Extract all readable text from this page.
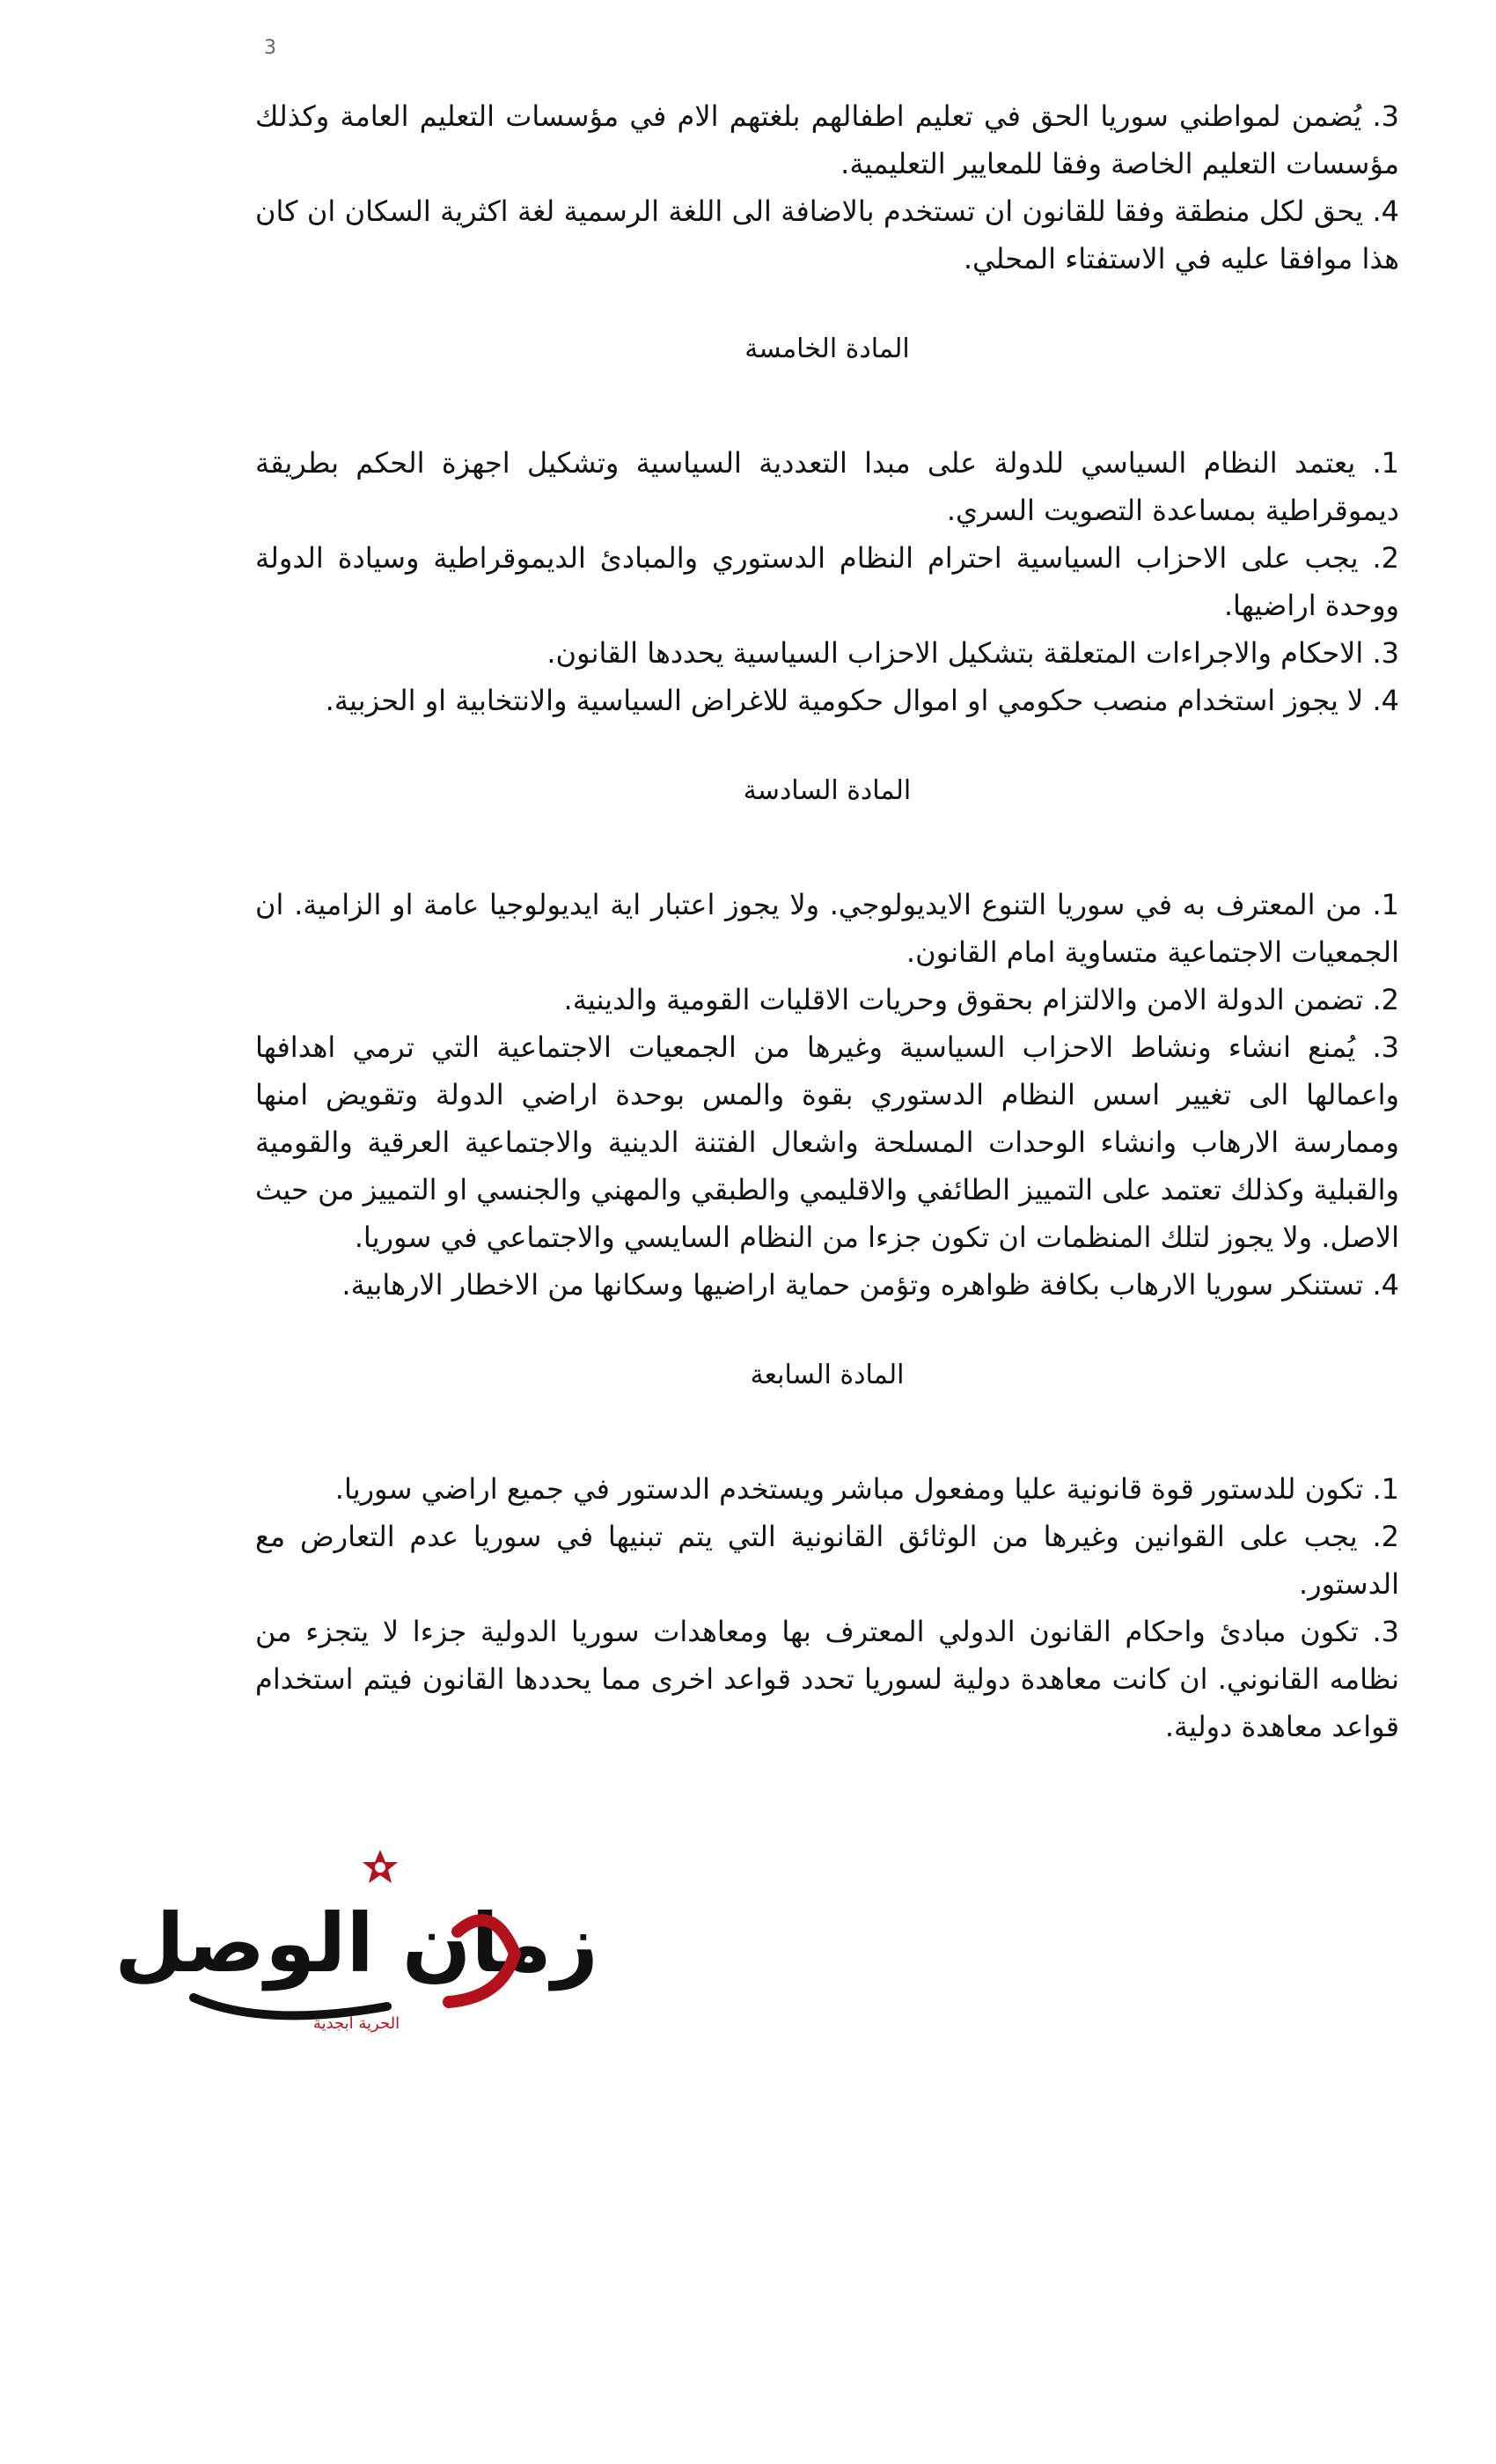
3

3. يُضمن لمواطني سوريا الحق في تعليم اطفالهم بلغتهم الام في مؤسسات التعليم العامة وكذلك مؤسسات التعليم الخاصة وفقا للمعايير التعليمية.

4. يحق لكل منطقة وفقا للقانون ان تستخدم بالاضافة الى اللغة الرسمية لغة اكثرية السكان ان كان هذا موافقا عليه في الاستفتاء المحلي.

المادة الخامسة

1. يعتمد النظام السياسي للدولة على مبدا التعددية السياسية وتشكيل اجهزة الحكم بطريقة ديموقراطية بمساعدة التصويت السري.

2. يجب على الاحزاب السياسية احترام النظام الدستوري والمبادئ الديموقراطية وسيادة الدولة ووحدة اراضيها.

3. الاحكام والاجراءات المتعلقة بتشكيل الاحزاب السياسية يحددها القانون.

4. لا يجوز استخدام منصب حكومي او اموال حكومية للاغراض السياسية والانتخابية او الحزبية.

المادة السادسة

1. من المعترف به في سوريا التنوع الايديولوجي. ولا يجوز اعتبار اية ايديولوجيا عامة او الزامية. ان الجمعيات الاجتماعية متساوية امام القانون.

2. تضمن الدولة الامن والالتزام بحقوق وحريات الاقليات القومية والدينية.

3. يُمنع انشاء ونشاط الاحزاب السياسية وغيرها من الجمعيات الاجتماعية التي ترمي اهدافها واعمالها الى تغيير اسس النظام الدستوري بقوة والمس بوحدة اراضي الدولة وتقويض امنها وممارسة الارهاب وانشاء الوحدات المسلحة واشعال الفتنة الدينية والاجتماعية العرقية والقومية والقبلية وكذلك تعتمد على التمييز الطائفي والاقليمي والطبقي والمهني والجنسي او التمييز من حيث الاصل. ولا يجوز لتلك المنظمات ان تكون جزءا من النظام السايسي والاجتماعي في سوريا.

4. تستنكر سوريا الارهاب بكافة ظواهره وتؤمن حماية اراضيها وسكانها من الاخطار الارهابية.

المادة السابعة

1. تكون للدستور قوة قانونية عليا ومفعول مباشر ويستخدم الدستور في جميع اراضي سوريا.

2. يجب على القوانين وغيرها من الوثائق القانونية التي يتم تبنيها في سوريا عدم التعارض مع الدستور.

3. تكون مبادئ واحكام القانون الدولي المعترف بها ومعاهدات سوريا الدولية جزءا لا يتجزء من نظامه القانوني. ان كانت معاهدة دولية لسوريا تحدد قواعد اخرى مما يحددها القانون فيتم استخدام قواعد معاهدة دولية.

زمان الوصل
الحرية ابجدية
